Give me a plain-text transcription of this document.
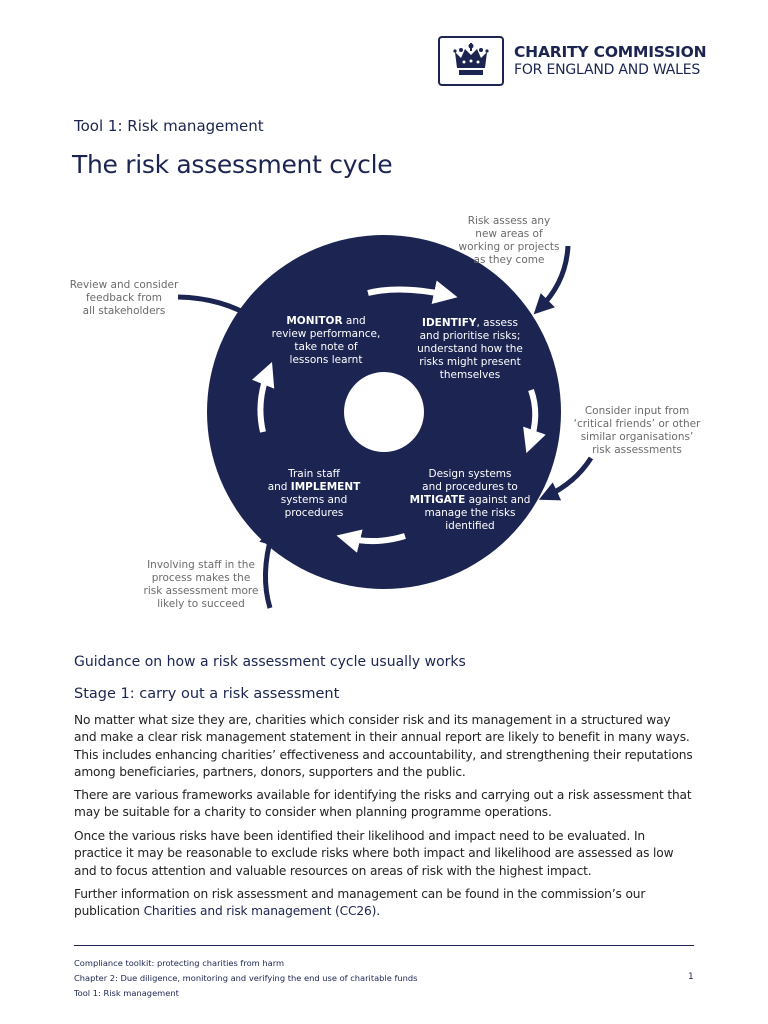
CHARITY COMMISSION
FOR ENGLAND AND WALES
Tool 1: Risk management
The risk assessment cycle
MONITOR and
review performance,
take note of
lessons learnt
IDENTIFY, assess
and prioritise risks;
understand how the
risks might present
themselves
Train staff
and IMPLEMENT
systems and
procedures
Design systems
and procedures to
MITIGATE against and
manage the risks
identified
Risk assess any
new areas of
working or projects
as they come
Consider input from
‘critical friends’ or other
similar organisations’
risk assessments
Involving staff in the
process makes the
risk assessment more
likely to succeed
Review and consider
feedback from
all stakeholders
Guidance on how a risk assessment cycle usually works
Stage 1: carry out a risk assessment
No matter what size they are, charities which consider risk and its management in a structured way and make a clear risk management statement in their annual report are likely to benefit in many ways. This includes enhancing charities’ effectiveness and accountability, and strengthening their reputations among beneficiaries, partners, donors, supporters and the public.
There are various frameworks available for identifying the risks and carrying out a risk assessment that may be suitable for a charity to consider when planning programme operations.
Once the various risks have been identified their likelihood and impact need to be evaluated. In practice it may be reasonable to exclude risks where both impact and likelihood are assessed as low and to focus attention and valuable resources on areas of risk with the highest impact.
Further information on risk assessment and management can be found in the commission’s our publication Charities and risk management (CC26).
Compliance toolkit: protecting charities from harm
Chapter 2: Due diligence, monitoring and verifying the end use of charitable funds
Tool 1: Risk management
1
